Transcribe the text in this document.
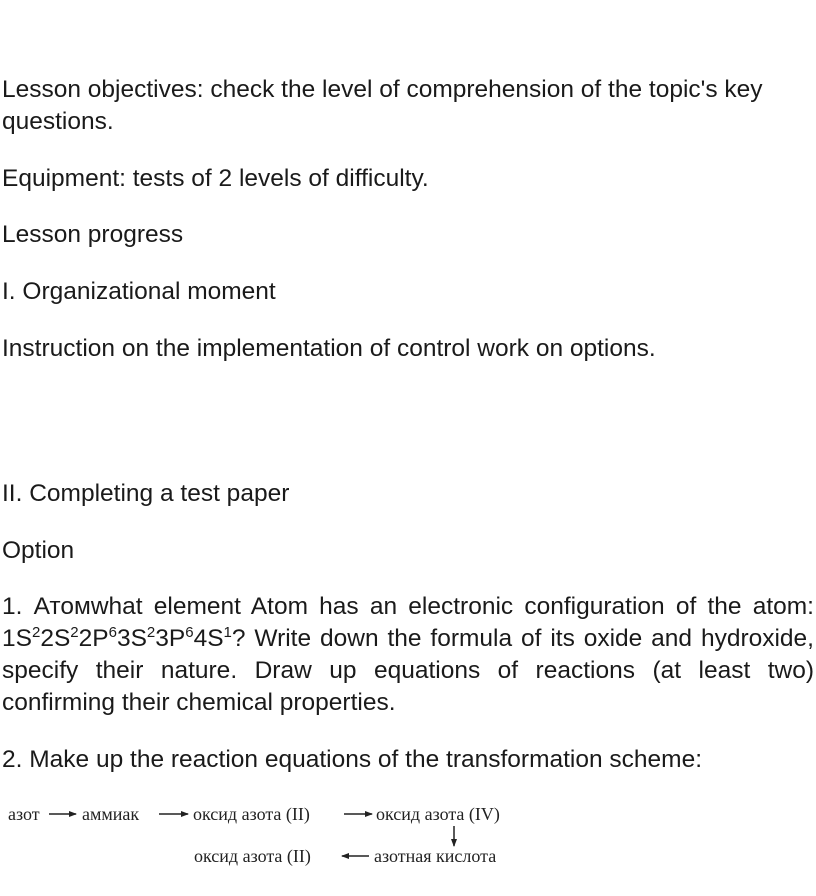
Lesson objectives: check the level of comprehension of the topic's key questions.

Equipment: tests of 2 levels of difficulty.

Lesson progress

I. Organizational moment

Instruction on the implementation of control work on options.

II. Completing a test paper

Option

1. Атомwhat element Atom has an electronic configuration of the atom: $1S^22S^22P^63S^23P^64S^1$? Write down the formula of its oxide and hydroxide, specify their nature. Draw up equations of reactions (at least two) confirming their chemical properties.

2. Make up the reaction equations of the transformation scheme:

азот аммиак	оксид азота (II)	оксид азота (IV)
оксид азота (II)	азотная кислота
